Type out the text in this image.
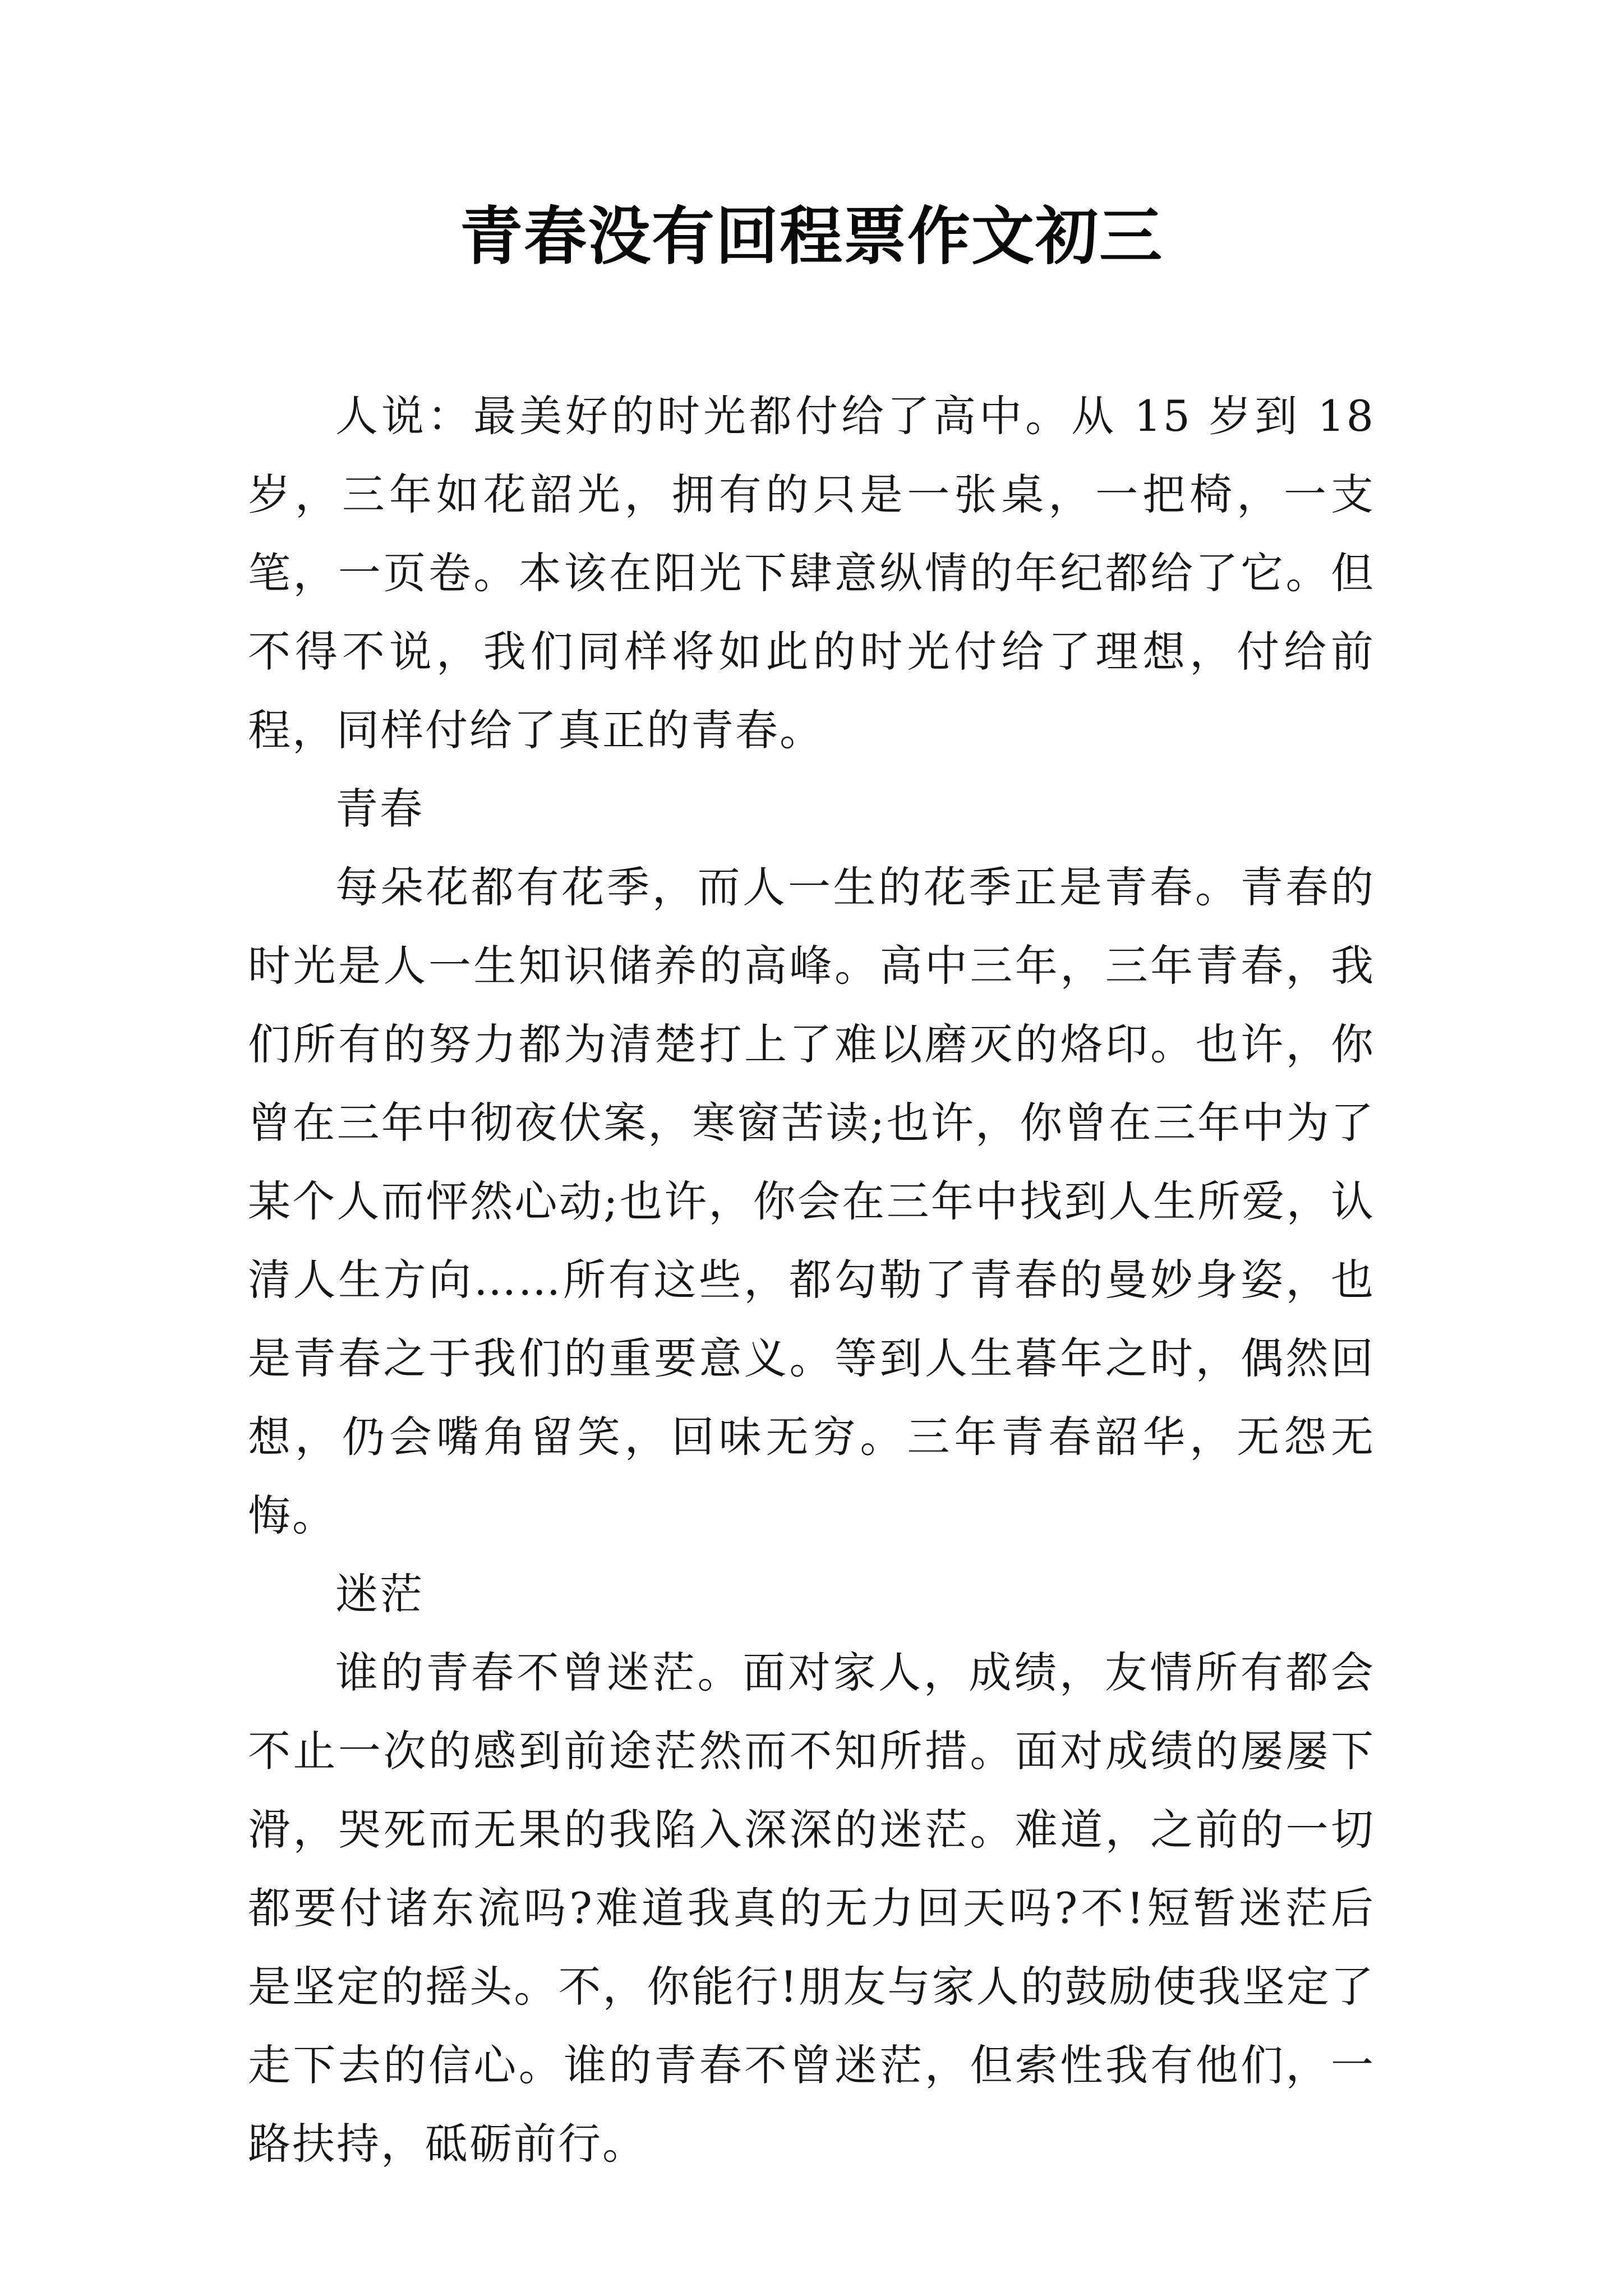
青春没有回程票作文初三

人说：最美好的时光都付给了高中。从 15 岁到 18 岁，三年如花韶光，拥有的只是一张桌，一把椅，一支笔，一页卷。本该在阳光下肆意纵情的年纪都给了它。但不得不说，我们同样将如此的时光付给了理想，付给前程，同样付给了真正的青春。

青春

每朵花都有花季，而人一生的花季正是青春。青春的时光是人一生知识储养的高峰。高中三年，三年青春，我们所有的努力都为清楚打上了难以磨灭的烙印。也许，你曾在三年中彻夜伏案，寒窗苦读;也许，你曾在三年中为了某个人而怦然心动;也许，你会在三年中找到人生所爱，认清人生方向……所有这些，都勾勒了青春的曼妙身姿，也是青春之于我们的重要意义。等到人生暮年之时，偶然回想，仍会嘴角留笑，回味无穷。三年青春韶华，无怨无悔。

迷茫

谁的青春不曾迷茫。面对家人，成绩，友情所有都会不止一次的感到前途茫然而不知所措。面对成绩的屡屡下滑，哭死而无果的我陷入深深的迷茫。难道，之前的一切都要付诸东流吗?难道我真的无力回天吗?不!短暂迷茫后是坚定的摇头。不，你能行!朋友与家人的鼓励使我坚定了走下去的信心。谁的青春不曾迷茫，但索性我有他们，一路扶持，砥砺前行。
